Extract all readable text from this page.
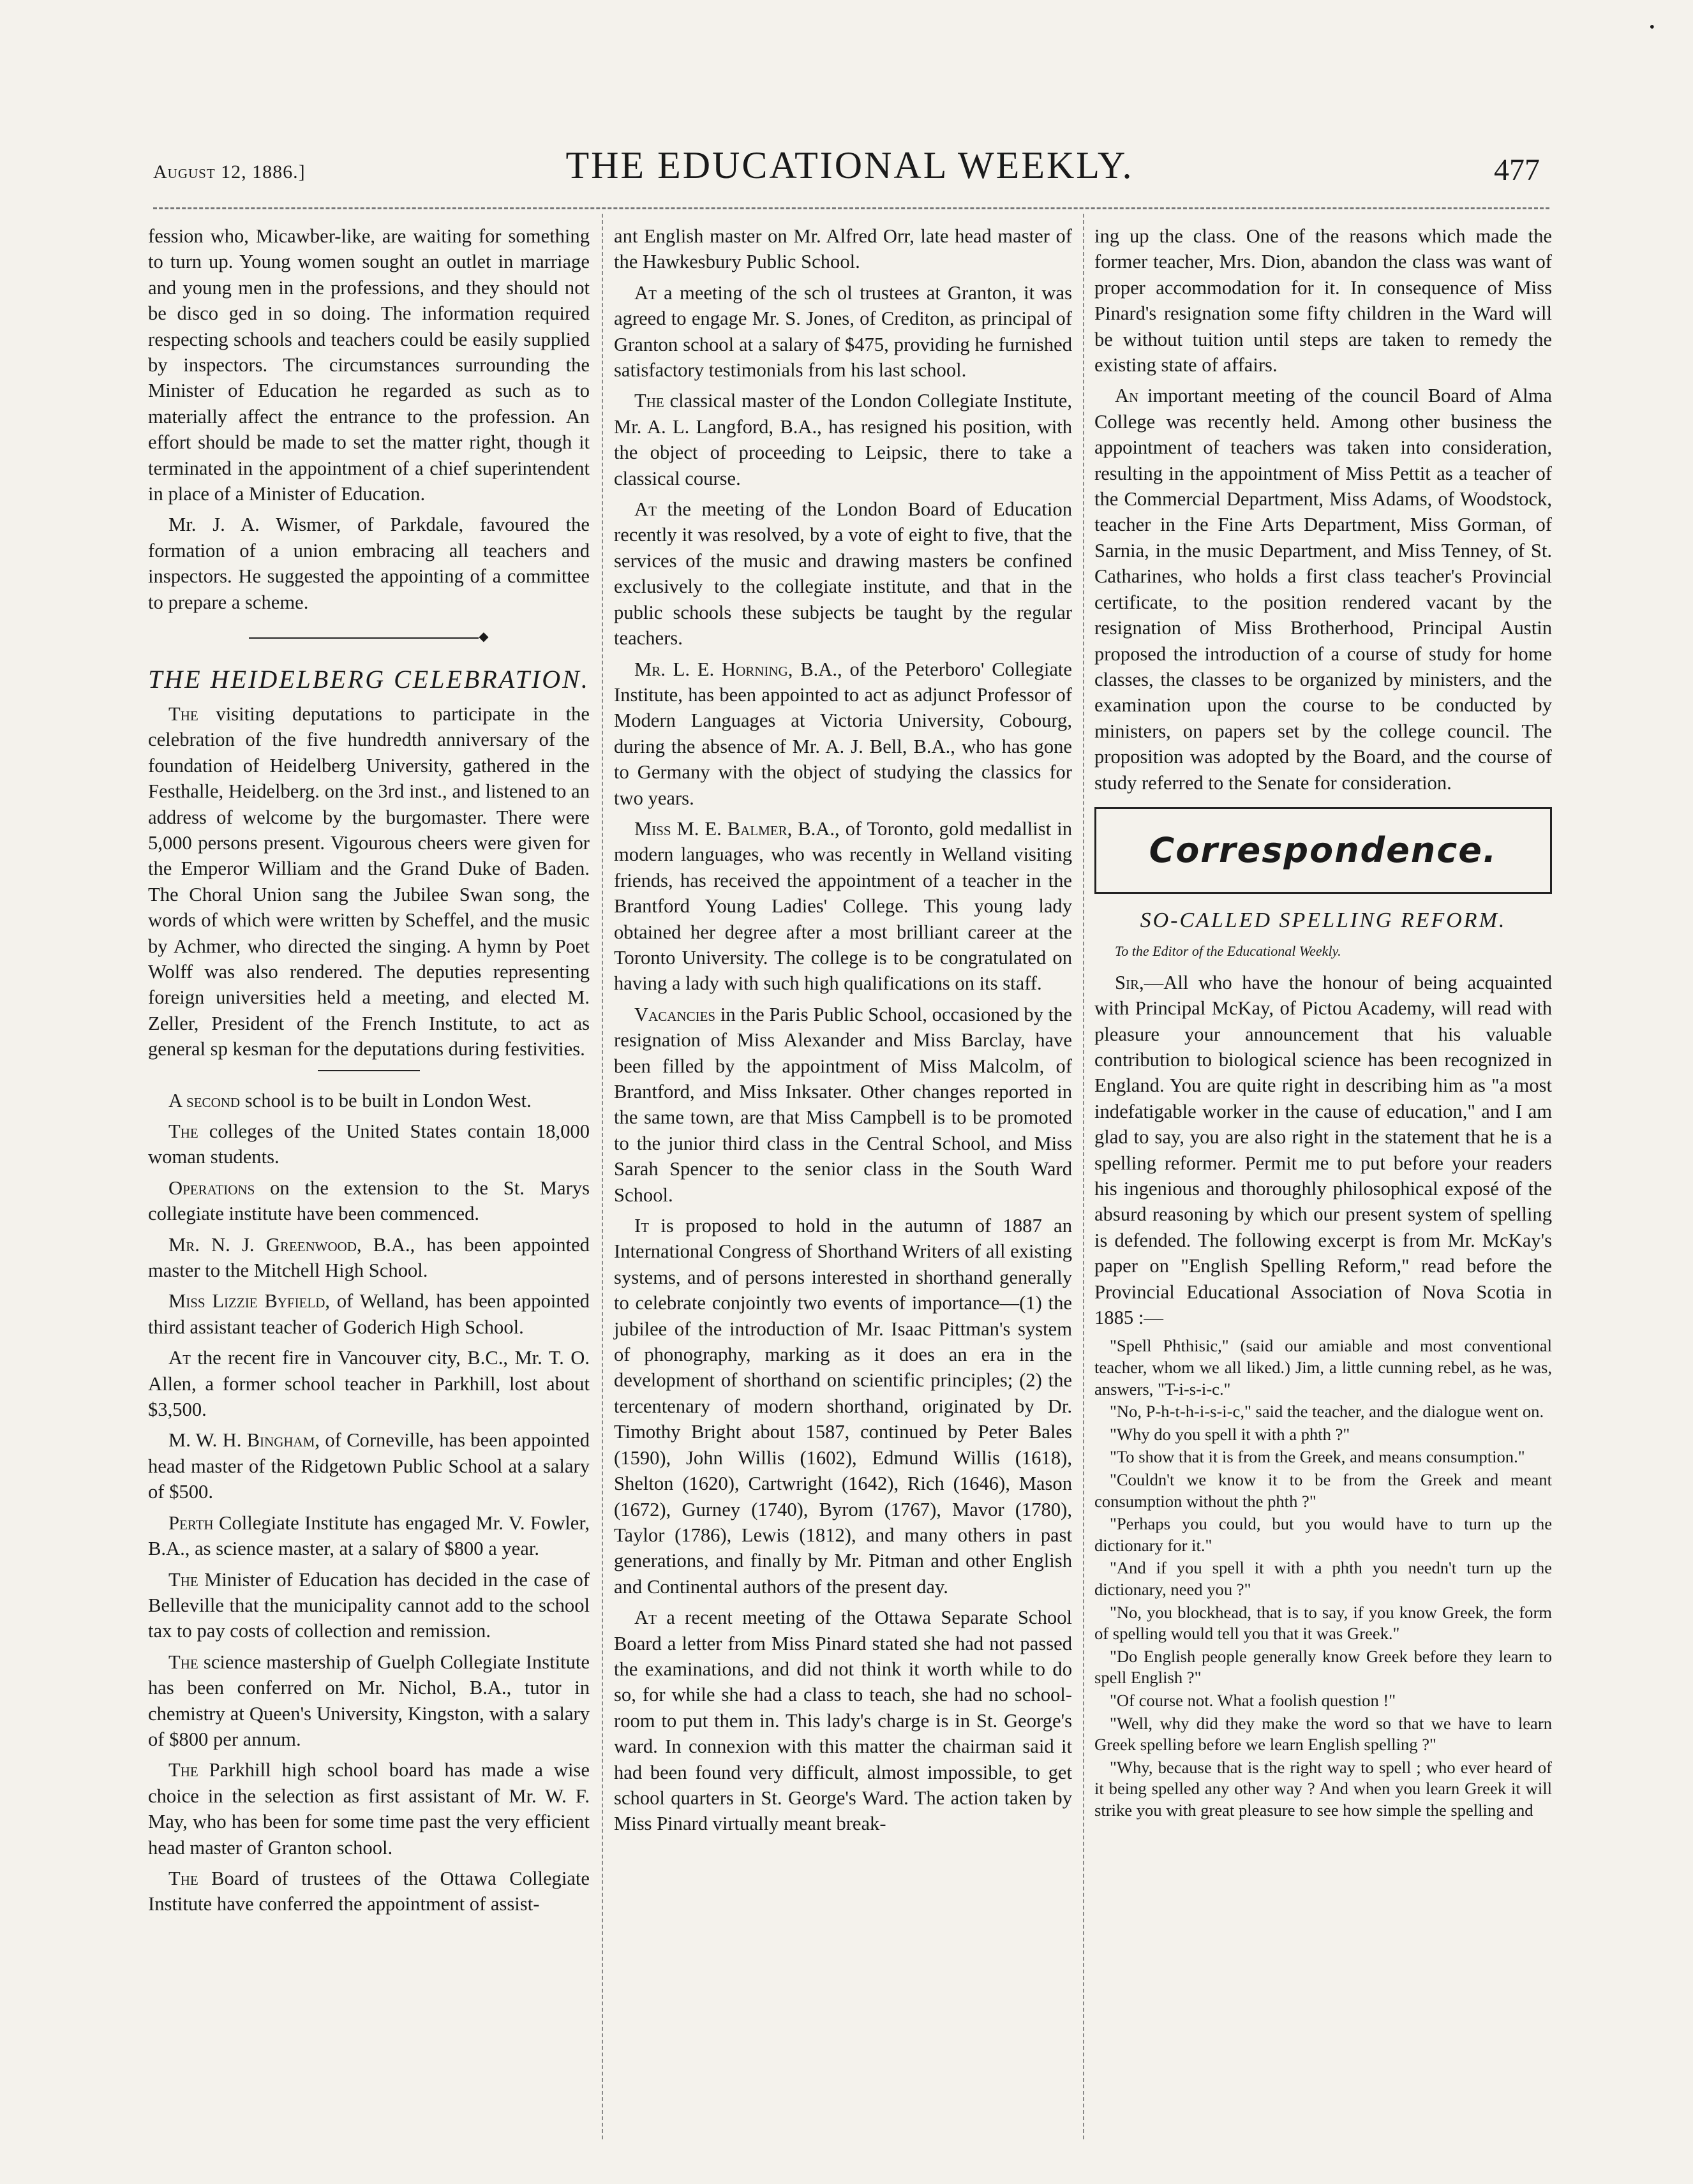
•
August 12, 1886.]	THE EDUCATIONAL WEEKLY.	477

fession who, Micawber-like, are waiting for something to turn up. Young women sought an outlet in marriage and young men in the professions, and they should not be disco ged in so doing. The information required respecting schools and teachers could be easily supplied by inspectors. The circumstances surrounding the Minister of Education he regarded as such as to materially affect the entrance to the profession. An effort should be made to set the matter right, though it terminated in the appointment of a chief superintendent in place of a Minister of Education.

Mr. J. A. Wismer, of Parkdale, favoured the formation of a union embracing all teachers and inspectors. He suggested the appointing of a committee to prepare a scheme.

◆
THE HEIDELBERG CELEBRATION.

The visiting deputations to participate in the celebration of the five hundredth anniversary of the foundation of Heidelberg University, gathered in the Festhalle, Heidelberg. on the 3rd inst., and listened to an address of welcome by the burgomaster. There were 5,000 persons present. Vigourous cheers were given for the Emperor William and the Grand Duke of Baden. The Choral Union sang the Jubilee Swan song, the words of which were written by Scheffel, and the music by Achmer, who directed the singing. A hymn by Poet Wolff was also rendered. The deputies representing foreign universities held a meeting, and elected M. Zeller, President of the French Institute, to act as general sp kesman for the deputations during festivities.

A second school is to be built in London West.

The colleges of the United States contain 18,000 woman students.

Operations on the extension to the St. Marys collegiate institute have been commenced.

Mr. N. J. Greenwood, B.A., has been appointed master to the Mitchell High School.

Miss Lizzie Byfield, of Welland, has been appointed third assistant teacher of Goderich High School.

At the recent fire in Vancouver city, B.C., Mr. T. O. Allen, a former school teacher in Parkhill, lost about $3,500.

M. W. H. Bingham, of Corneville, has been appointed head master of the Ridgetown Public School at a salary of $500.

Perth Collegiate Institute has engaged Mr. V. Fowler, B.A., as science master, at a salary of $800 a year.

The Minister of Education has decided in the case of Belleville that the municipality cannot add to the school tax to pay costs of collection and remission.

The science mastership of Guelph Collegiate Institute has been conferred on Mr. Nichol, B.A., tutor in chemistry at Queen's University, Kingston, with a salary of $800 per annum.

The Parkhill high school board has made a wise choice in the selection as first assistant of Mr. W. F. May, who has been for some time past the very efficient head master of Granton school.

The Board of trustees of the Ottawa Collegiate Institute have conferred the appointment of assist-

ant English master on Mr. Alfred Orr, late head master of the Hawkesbury Public School.

At a meeting of the sch ol trustees at Granton, it was agreed to engage Mr. S. Jones, of Crediton, as principal of Granton school at a salary of $475, providing he furnished satisfactory testimonials from his last school.

The classical master of the London Collegiate Institute, Mr. A. L. Langford, B.A., has resigned his position, with the object of proceeding to Leipsic, there to take a classical course.

At the meeting of the London Board of Education recently it was resolved, by a vote of eight to five, that the services of the music and drawing masters be confined exclusively to the collegiate institute, and that in the public schools these subjects be taught by the regular teachers.

Mr. L. E. Horning, B.A., of the Peterboro' Collegiate Institute, has been appointed to act as adjunct Professor of Modern Languages at Victoria University, Cobourg, during the absence of Mr. A. J. Bell, B.A., who has gone to Germany with the object of studying the classics for two years.

Miss M. E. Balmer, B.A., of Toronto, gold medallist in modern languages, who was recently in Welland visiting friends, has received the appointment of a teacher in the Brantford Young Ladies' College. This young lady obtained her degree after a most brilliant career at the Toronto University. The college is to be congratulated on having a lady with such high qualifications on its staff.

Vacancies in the Paris Public School, occasioned by the resignation of Miss Alexander and Miss Barclay, have been filled by the appointment of Miss Malcolm, of Brantford, and Miss Inksater. Other changes reported in the same town, are that Miss Campbell is to be promoted to the junior third class in the Central School, and Miss Sarah Spencer to the senior class in the South Ward School.

It is proposed to hold in the autumn of 1887 an International Congress of Shorthand Writers of all existing systems, and of persons interested in shorthand generally to celebrate conjointly two events of importance—(1) the jubilee of the introduction of Mr. Isaac Pittman's system of phonography, marking as it does an era in the development of shorthand on scientific principles; (2) the tercentenary of modern shorthand, originated by Dr. Timothy Bright about 1587, continued by Peter Bales (1590), John Willis (1602), Edmund Willis (1618), Shelton (1620), Cartwright (1642), Rich (1646), Mason (1672), Gurney (1740), Byrom (1767), Mavor (1780), Taylor (1786), Lewis (1812), and many others in past generations, and finally by Mr. Pitman and other English and Continental authors of the present day.

At a recent meeting of the Ottawa Separate School Board a letter from Miss Pinard stated she had not passed the examinations, and did not think it worth while to do so, for while she had a class to teach, she had no school-room to put them in. This lady's charge is in St. George's ward. In connexion with this matter the chairman said it had been found very difficult, almost impossible, to get school quarters in St. George's Ward. The action taken by Miss Pinard virtually meant break-

ing up the class. One of the reasons which made the former teacher, Mrs. Dion, abandon the class was want of proper accommodation for it. In consequence of Miss Pinard's resignation some fifty children in the Ward will be without tuition until steps are taken to remedy the existing state of affairs.

An important meeting of the council Board of Alma College was recently held. Among other business the appointment of teachers was taken into consideration, resulting in the appointment of Miss Pettit as a teacher of the Commercial Department, Miss Adams, of Woodstock, teacher in the Fine Arts Department, Miss Gorman, of Sarnia, in the music Department, and Miss Tenney, of St. Catharines, who holds a first class teacher's Provincial certificate, to the position rendered vacant by the resignation of Miss Brotherhood, Principal Austin proposed the introduction of a course of study for home classes, the classes to be organized by ministers, and the examination upon the course to be conducted by ministers, on papers set by the college council. The proposition was adopted by the Board, and the course of study referred to the Senate for consideration.

Correspondence.
SO-CALLED SPELLING REFORM.

To the Editor of the Educational Weekly.

Sir,—All who have the honour of being acquainted with Principal McKay, of Pictou Academy, will read with pleasure your announcement that his valuable contribution to biological science has been recognized in England. You are quite right in describing him as "a most indefatigable worker in the cause of education," and I am glad to say, you are also right in the statement that he is a spelling reformer. Permit me to put before your readers his ingenious and thoroughly philosophical exposé of the absurd reasoning by which our present system of spelling is defended. The following excerpt is from Mr. McKay's paper on "English Spelling Reform," read before the Provincial Educational Association of Nova Scotia in 1885 :—

"Spell Phthisic," (said our amiable and most conventional teacher, whom we all liked.) Jim, a little cunning rebel, as he was, answers, "T-i-s-i-c."

"No, P-h-t-h-i-s-i-c," said the teacher, and the dialogue went on.

"Why do you spell it with a phth ?"

"To show that it is from the Greek, and means consumption."

"Couldn't we know it to be from the Greek and meant consumption without the phth ?"

"Perhaps you could, but you would have to turn up the dictionary for it."

"And if you spell it with a phth you needn't turn up the dictionary, need you ?"

"No, you blockhead, that is to say, if you know Greek, the form of spelling would tell you that it was Greek."

"Do English people generally know Greek before they learn to spell English ?"

"Of course not. What a foolish question !"

"Well, why did they make the word so that we have to learn Greek spelling before we learn English spelling ?"

"Why, because that is the right way to spell ; who ever heard of it being spelled any other way ? And when you learn Greek it will strike you with great pleasure to see how simple the spelling and
